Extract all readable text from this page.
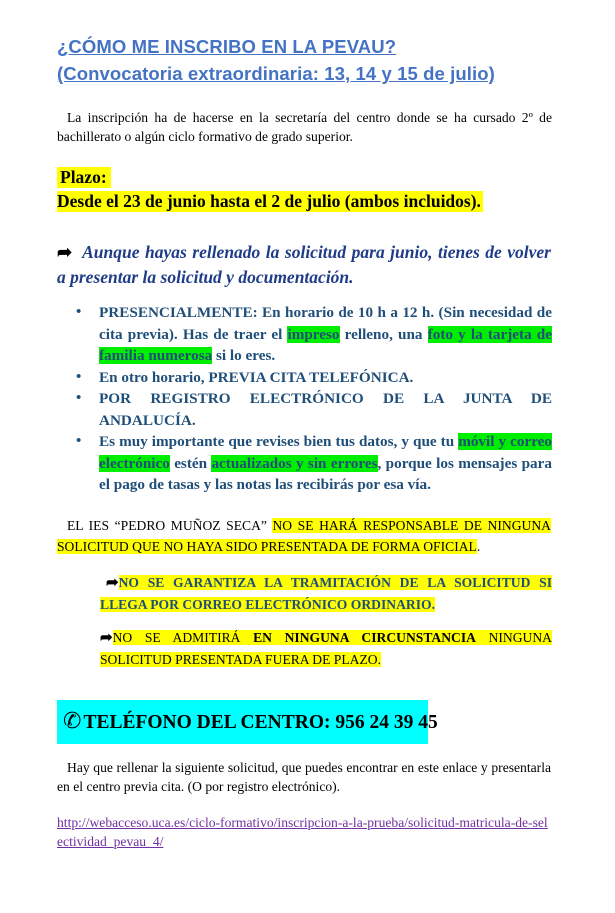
¿CÓMO ME INSCRIBO EN LA PEVAU?
(Convocatoria extraordinaria: 13, 14 y 15 de julio)
La inscripción ha de hacerse en la secretaría del centro donde se ha cursado 2º de bachillerato o algún ciclo formativo de grado superior.
Plazo:
Desde el 23 de junio hasta el 2 de julio (ambos incluidos).
➦ Aunque hayas rellenado la solicitud para junio, tienes de volver a presentar la solicitud y documentación.
• PRESENCIALMENTE: En horario de 10 h a 12 h. (Sin necesidad de cita previa). Has de traer el impreso relleno, una foto y la tarjeta de familia numerosa si lo eres.
• En otro horario, PREVIA CITA TELEFÓNICA.
• POR REGISTRO ELECTRÓNICO DE LA JUNTA DE ANDALUCÍA.
• Es muy importante que revises bien tus datos, y que tu móvil y correo electrónico estén actualizados y sin errores, porque los mensajes para el pago de tasas y las notas las recibirás por esa vía.
EL IES “PEDRO MUÑOZ SECA” NO SE HARÁ RESPONSABLE DE NINGUNA SOLICITUD QUE NO HAYA SIDO PRESENTADA DE FORMA OFICIAL.
➦NO SE GARANTIZA LA TRAMITACIÓN DE LA SOLICITUD SI LLEGA POR CORREO ELECTRÓNICO ORDINARIO.
➦NO SE ADMITIRÁ EN NINGUNA CIRCUNSTANCIA NINGUNA SOLICITUD PRESENTADA FUERA DE PLAZO.
✆ TELÉFONO DEL CENTRO: 956 24 39 45
Hay que rellenar la siguiente solicitud, que puedes encontrar en este enlace y presentarla en el centro previa cita. (O por registro electrónico).
http://webacceso.uca.es/ciclo-formativo/inscripcion-a-la-prueba/solicitud-matricula-de-selectividad_pevau_4/
